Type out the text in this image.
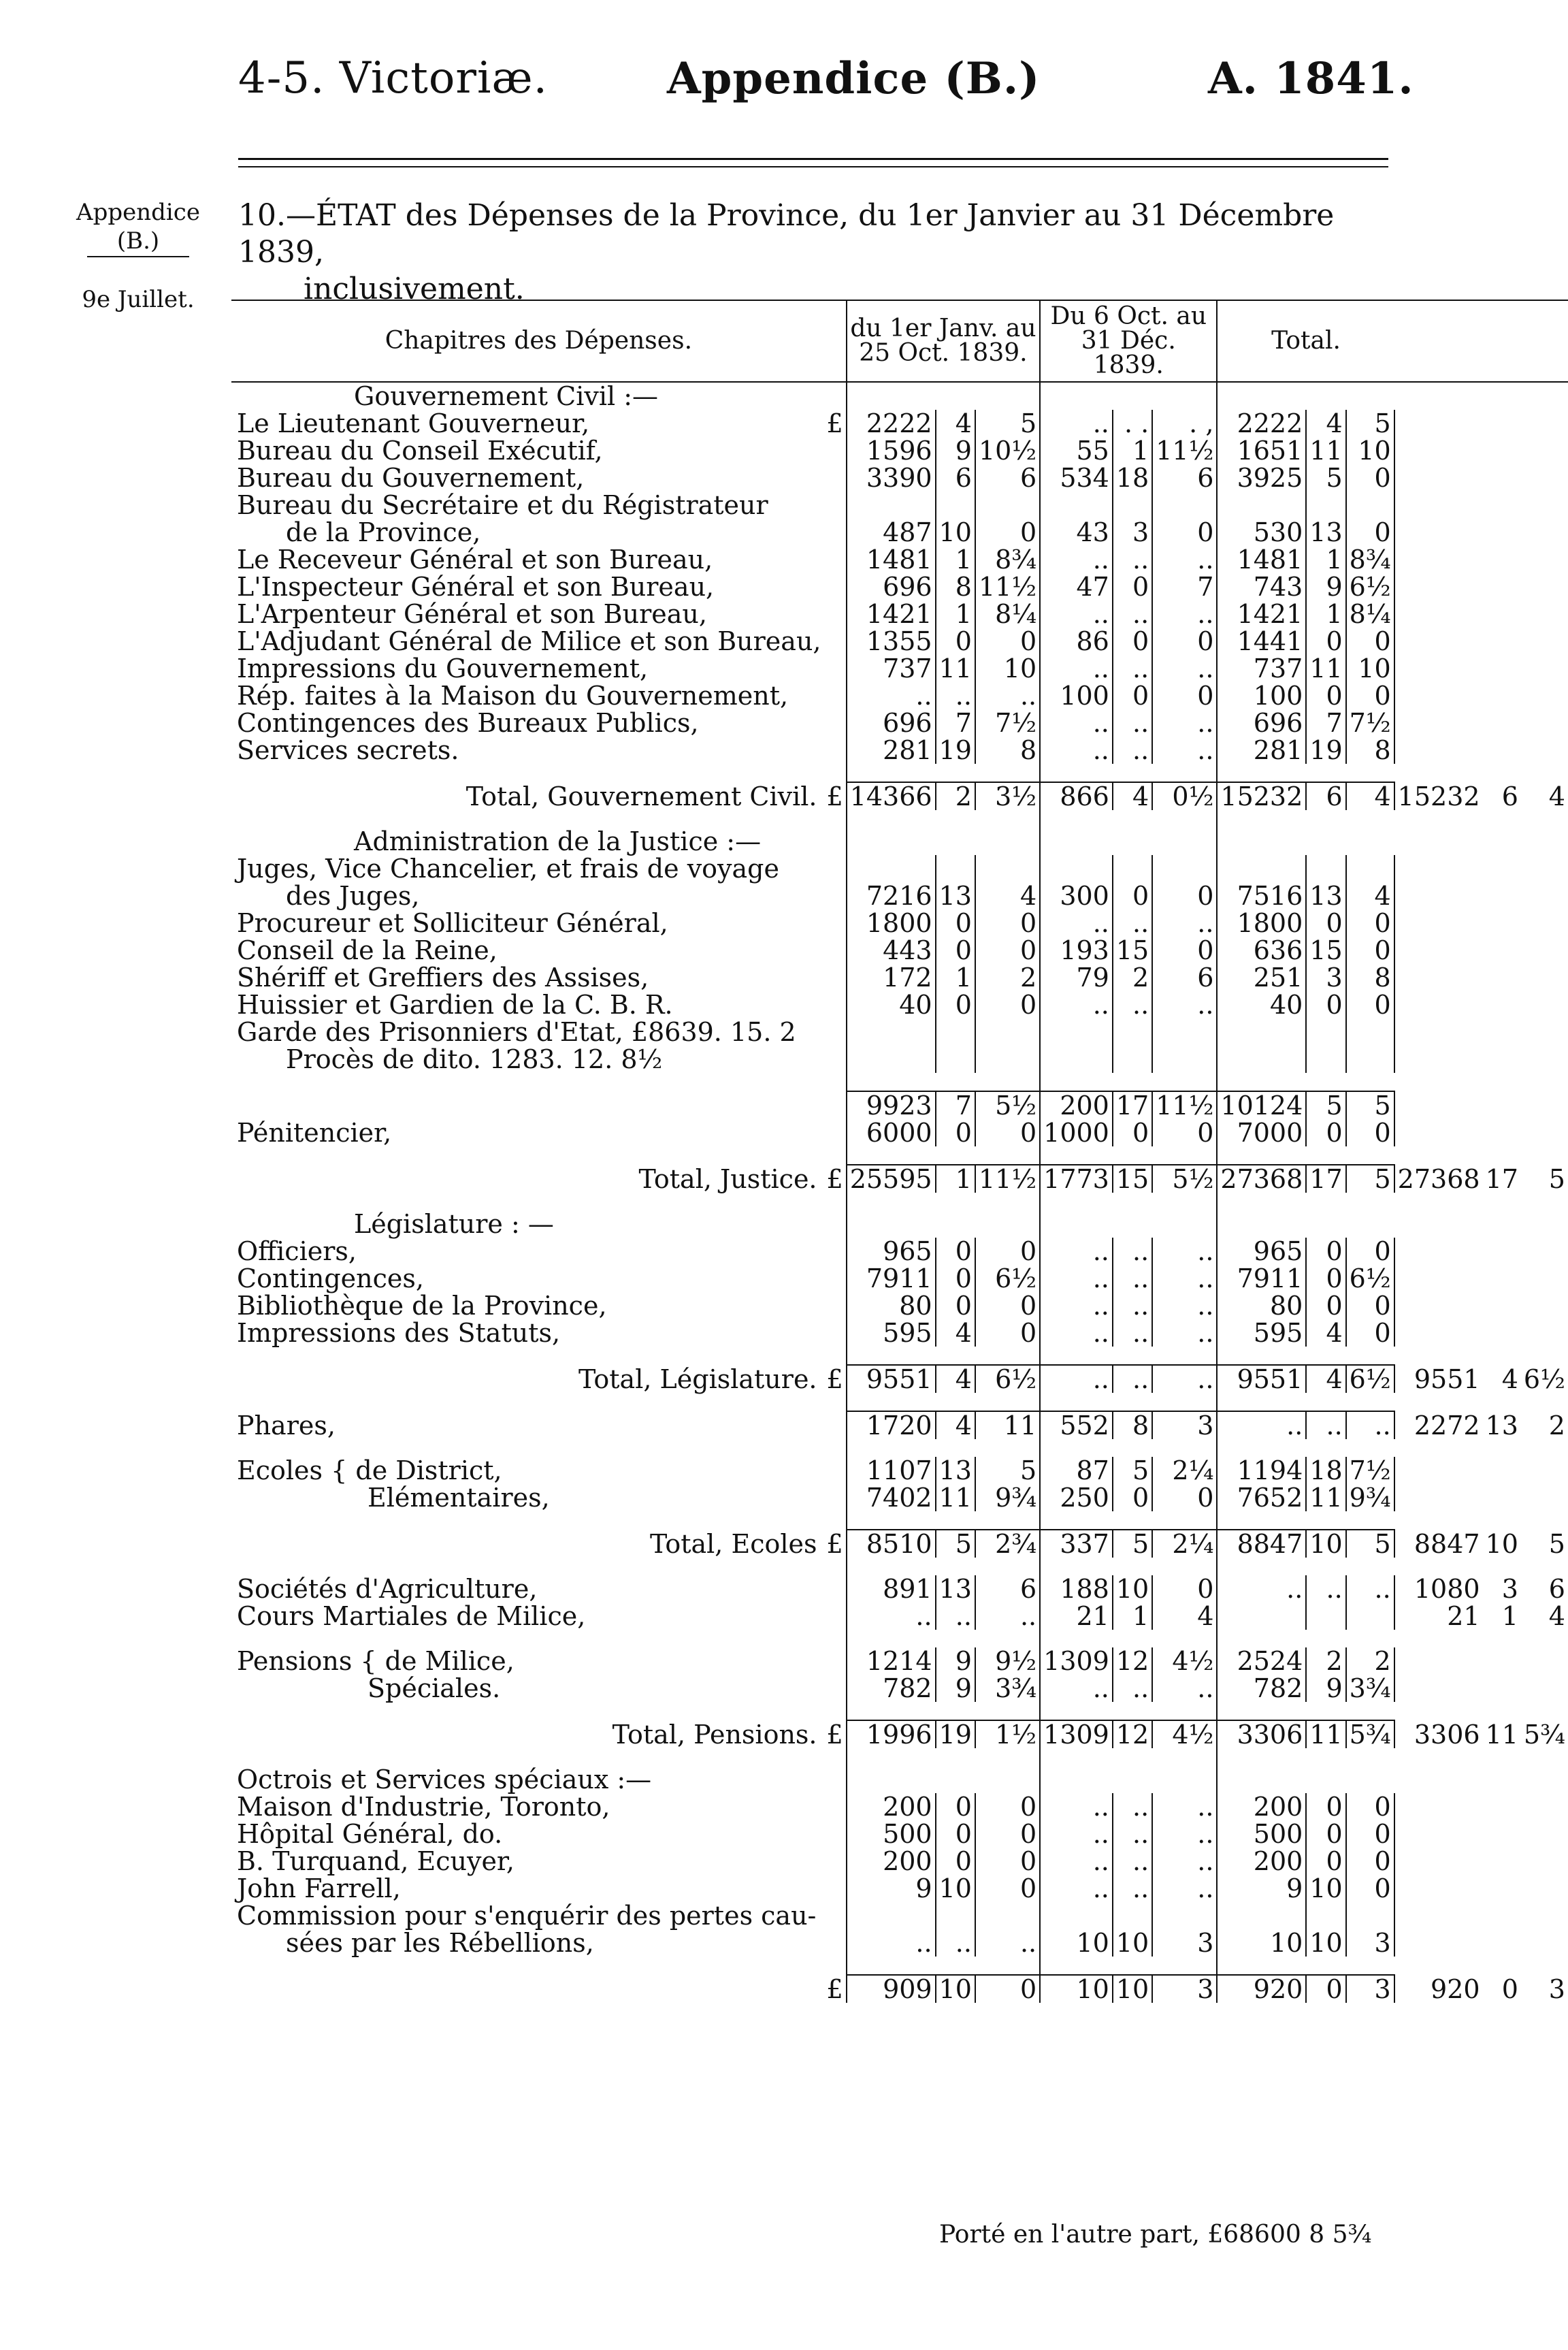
4-5. Victoriæ.	Appendice (B.)	A. 1841.
Appendice
(B.)
9e Juillet.
10.—ÉTAT des Dépenses de la Province, du 1er Janvier au 31 Décembre 1839,
inclusivement.
Chapitres des Dépenses.		du 1er Janv. au 25 Oct. 1839.			Du 6 Oct. au 31 Déc. 1839.			Total.					
Gouvernement Civil :—													
Le Lieutenant Gouverneur,	£	2222	4	5	..	. .	. ,	2222	4	5			
Bureau du Conseil Exécutif,		1596	9	10½	55	1	11½	1651	11	10			
Bureau du Gouvernement,		3390	6	6	534	18	6	3925	5	0			
Bureau du Secrétaire et du Régistrateur													
de la Province,		487	10	0	43	3	0	530	13	0			
Le Receveur Général et son Bureau,		1481	1	8¾	..	..	..	1481	1	8¾			
L'Inspecteur Général et son Bureau,		696	8	11½	47	0	7	743	9	6½			
L'Arpenteur Général et son Bureau,		1421	1	8¼	..	..	..	1421	1	8¼			
L'Adjudant Général de Milice et son Bureau,		1355	0	0	86	0	0	1441	0	0			
Impressions du Gouvernement,		737	11	10	..	..	..	737	11	10			
Rép. faites à la Maison du Gouvernement,		..	..	..	100	0	0	100	0	0			
Contingences des Bureaux Publics,		696	7	7½	..	..	..	696	7	7½			
Services secrets.		281	19	8	..	..	..	281	19	8			

Total, Gouvernement Civil.	£	14366	2	3½	866	4	0½	15232	6	4	15232	6	4

Administration de la Justice :—													
Juges, Vice Chancelier, et frais de voyage													
des Juges,		7216	13	4	300	0	0	7516	13	4			
Procureur et Solliciteur Général,		1800	0	0	..	..	..	1800	0	0			
Conseil de la Reine,		443	0	0	193	15	0	636	15	0			
Shériff et Greffiers des Assises,		172	1	2	79	2	6	251	3	8			
Huissier et Gardien de la C. B. R.		40	0	0	..	..	..	40	0	0			
Garde des Prisonniers d'Etat, £8639. 15. 2													
Procès de dito. 1283. 12. 8½													

		9923	7	5½	200	17	11½	10124	5	5			
Pénitencier,		6000	0	0	1000	0	0	7000	0	0			

Total, Justice.	£	25595	1	11½	1773	15	5½	27368	17	5	27368	17	5

Législature : —													
Officiers,		965	0	0	..	..	..	965	0	0			
Contingences,		7911	0	6½	..	..	..	7911	0	6½			
Bibliothèque de la Province,		80	0	0	..	..	..	80	0	0			
Impressions des Statuts,		595	4	0	..	..	..	595	4	0			

Total, Législature.	£	9551	4	6½	..	..	..	9551	4	6½	9551	4	6½

Phares,		1720	4	11	552	8	3	..	..	..	2272	13	2

Ecoles { de District,		1107	13	5	87	5	2¼	1194	18	7½			
Elémentaires,		7402	11	9¾	250	0	0	7652	11	9¾			

Total, Ecoles	£	8510	5	2¾	337	5	2¼	8847	10	5	8847	10	5

Sociétés d'Agriculture,		891	13	6	188	10	0	..	..	..	1080	3	6
Cours Martiales de Milice,		..	..	..	21	1	4				21	1	4

Pensions { de Milice,		1214	9	9½	1309	12	4½	2524	2	2			
Spéciales.		782	9	3¾	..	..	..	782	9	3¾			

Total, Pensions.	£	1996	19	1½	1309	12	4½	3306	11	5¾	3306	11	5¾

Octrois et Services spéciaux :—													
Maison d'Industrie, Toronto,		200	0	0	..	..	..	200	0	0			
Hôpital Général, do.		500	0	0	..	..	..	500	0	0			
B. Turquand, Ecuyer,		200	0	0	..	..	..	200	0	0			
John Farrell,		9	10	0	..	..	..	9	10	0			
Commission pour s'enquérir des pertes cau-													
sées par les Rébellions,		..	..	..	10	10	3	10	10	3			

	£	909	10	0	10	10	3	920	0	3	920	0	3
Porté en l'autre part, £68600 8 5¾
